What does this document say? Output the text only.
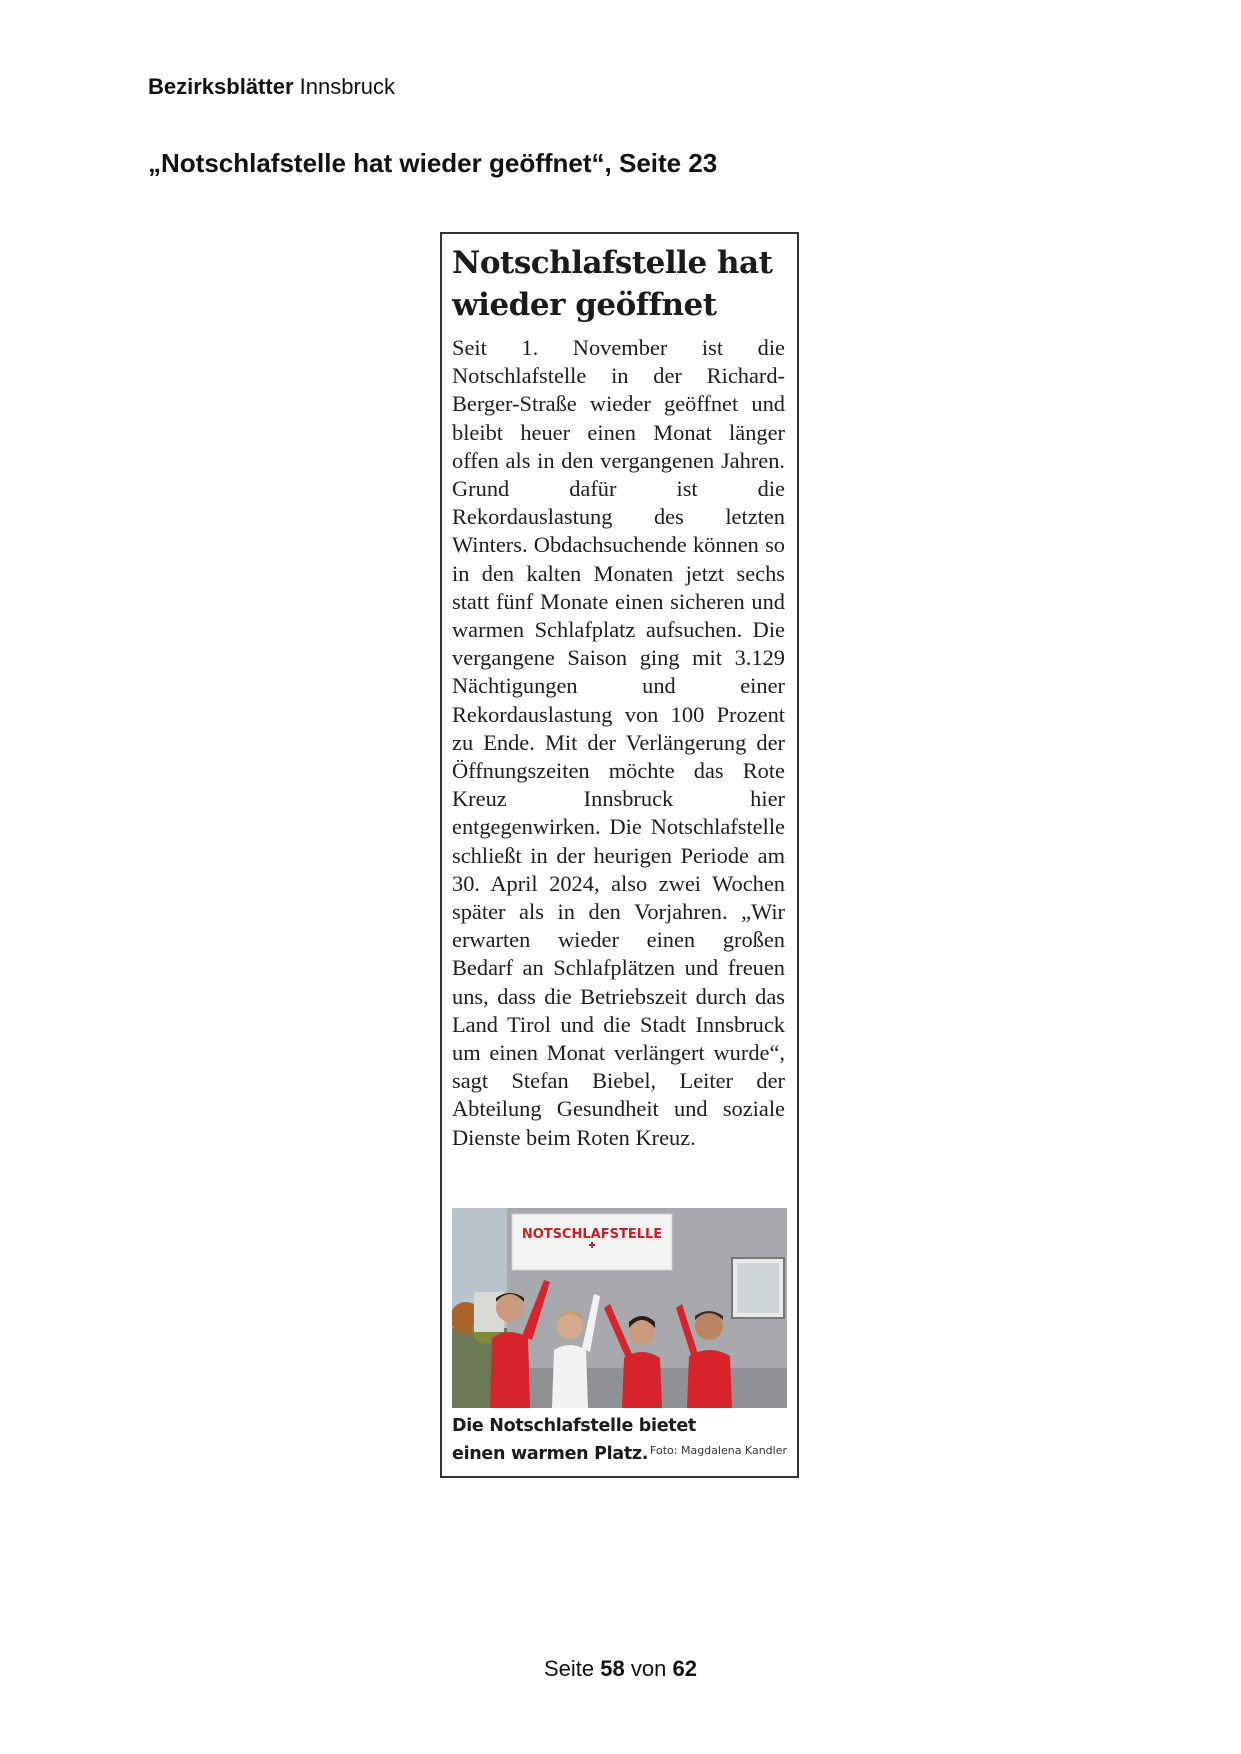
Bezirksblätter Innsbruck
„Notschlafstelle hat wieder geöffnet“, Seite 23
Notschlafstelle hat wieder geöffnet
Seit 1. November ist die Notschlafstelle in der Richard-Berger-Straße wieder geöffnet und bleibt heuer einen Monat länger offen als in den vergangenen Jahren. Grund dafür ist die Rekordauslastung des letzten Winters. Obdachsuchende können so in den kalten Monaten jetzt sechs statt fünf Monate einen sicheren und warmen Schlafplatz aufsuchen. Die vergangene Saison ging mit 3.129 Nächtigungen und einer Rekordauslastung von 100 Prozent zu Ende. Mit der Verlängerung der Öffnungszeiten möchte das Rote Kreuz Innsbruck hier entgegenwirken. Die Notschlafstelle schließt in der heurigen Periode am 30. April 2024, also zwei Wochen später als in den Vorjahren. „Wir erwarten wieder einen großen Bedarf an Schlafplätzen und freuen uns, dass die Betriebszeit durch das Land Tirol und die Stadt Innsbruck um einen Monat verlängert wurde“, sagt Stefan Biebel, Leiter der Abteilung Gesundheit und soziale Dienste beim Roten Kreuz.
NOTSCHLAFSTELLE
Die Notschlafstelle bietet einen warmen Platz. Foto: Magdalena Kandler
Seite 58 von 62
